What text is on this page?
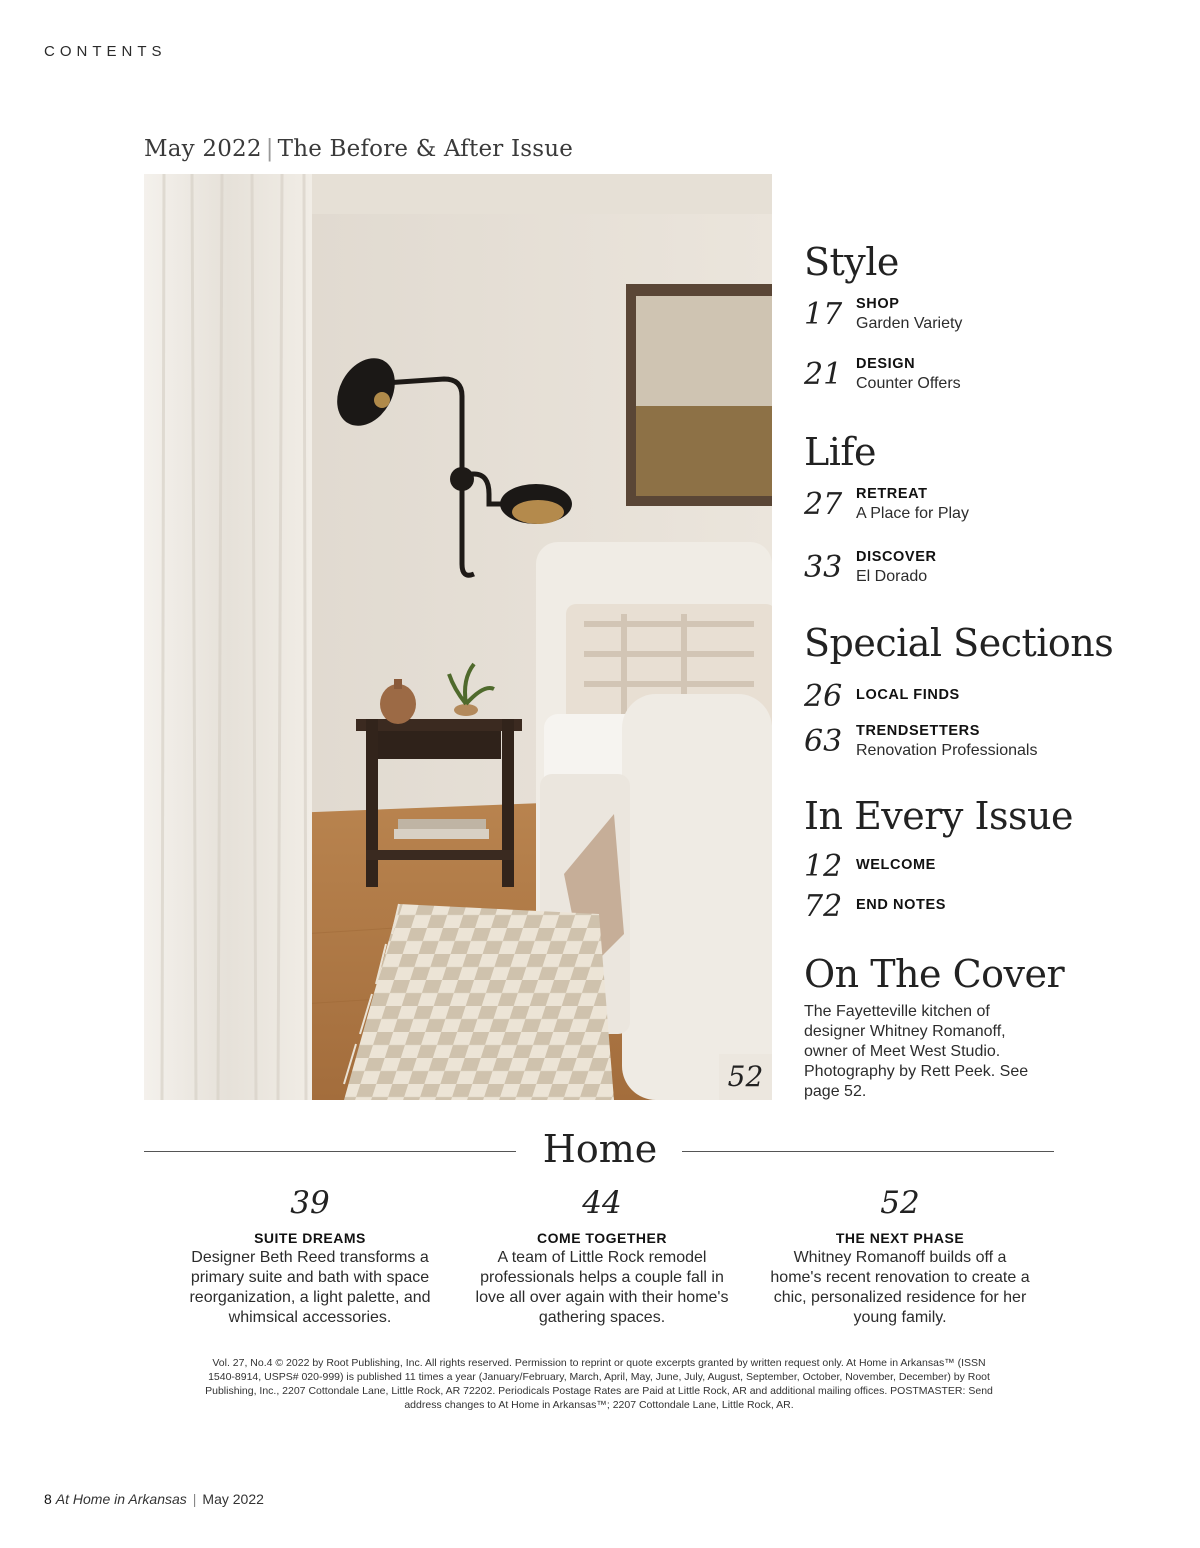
CONTENTS
May 2022 | The Before & After Issue
52
Style
17 SHOP
Garden Variety
21 DESIGN
Counter Offers
Life
27 RETREAT
A Place for Play
33 DISCOVER
El Dorado
Special Sections
26 LOCAL FINDS
63 TRENDSETTERS
Renovation Professionals
In Every Issue
12 WELCOME
72 END NOTES
On The Cover
The Fayetteville kitchen of designer Whitney Romanoff, owner of Meet West Studio. Photography by Rett Peek. See page 52.
Home
39
SUITE DREAMS
Designer Beth Reed transforms a primary suite and bath with space reorganization, a light palette, and whimsical accessories.
44
COME TOGETHER
A team of Little Rock remodel professionals helps a couple fall in love all over again with their home's gathering spaces.
52
THE NEXT PHASE
Whitney Romanoff builds off a home's recent renovation to create a chic, personalized residence for her young family.
Vol. 27, No.4 © 2022 by Root Publishing, Inc. All rights reserved. Permission to reprint or quote excerpts granted by written request only. At Home in Arkansas™ (ISSN 1540-8914, USPS# 020-999) is published 11 times a year (January/February, March, April, May, June, July, August, September, October, November, December) by Root Publishing, Inc., 2207 Cottondale Lane, Little Rock, AR 72202. Periodicals Postage Rates are Paid at Little Rock, AR and additional mailing offices. POSTMASTER: Send address changes to At Home in Arkansas™; 2207 Cottondale Lane, Little Rock, AR.
8 At Home in Arkansas | May 2022
